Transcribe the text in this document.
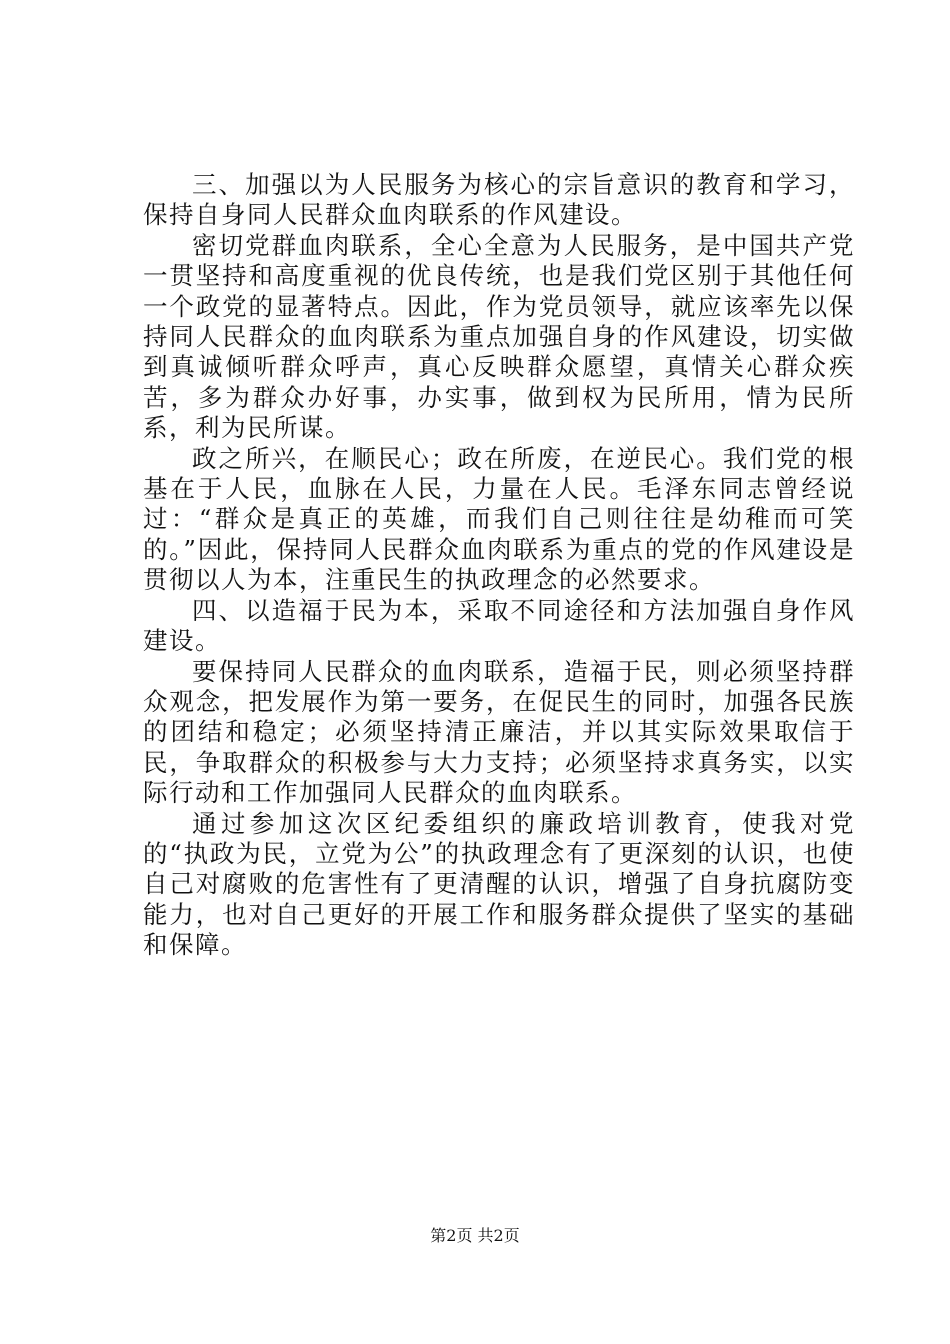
三、加强以为人民服务为核心的宗旨意识的教育和学习，保持自身同人民群众血肉联系的作风建设。

密切党群血肉联系，全心全意为人民服务，是中国共产党一贯坚持和高度重视的优良传统，也是我们党区别于其他任何一个政党的显著特点。因此，作为党员领导，就应该率先以保持同人民群众的血肉联系为重点加强自身的作风建设，切实做到真诚倾听群众呼声，真心反映群众愿望，真情关心群众疾苦，多为群众办好事，办实事，做到权为民所用，情为民所系，利为民所谋。

政之所兴，在顺民心；政在所废，在逆民心。我们党的根基在于人民，血脉在人民，力量在人民。毛泽东同志曾经说过：“群众是真正的英雄，而我们自己则往往是幼稚而可笑的。”因此，保持同人民群众血肉联系为重点的党的作风建设是贯彻以人为本，注重民生的执政理念的必然要求。

四、以造福于民为本，采取不同途径和方法加强自身作风建设。

要保持同人民群众的血肉联系，造福于民，则必须坚持群众观念，把发展作为第一要务，在促民生的同时，加强各民族的团结和稳定；必须坚持清正廉洁，并以其实际效果取信于民，争取群众的积极参与大力支持；必须坚持求真务实，以实际行动和工作加强同人民群众的血肉联系。

通过参加这次区纪委组织的廉政培训教育，使我对党的“执政为民，立党为公”的执政理念有了更深刻的认识，也使自己对腐败的危害性有了更清醒的认识，增强了自身抗腐防变能力，也对自己更好的开展工作和服务群众提供了坚实的基础和保障。

第2页 共2页
